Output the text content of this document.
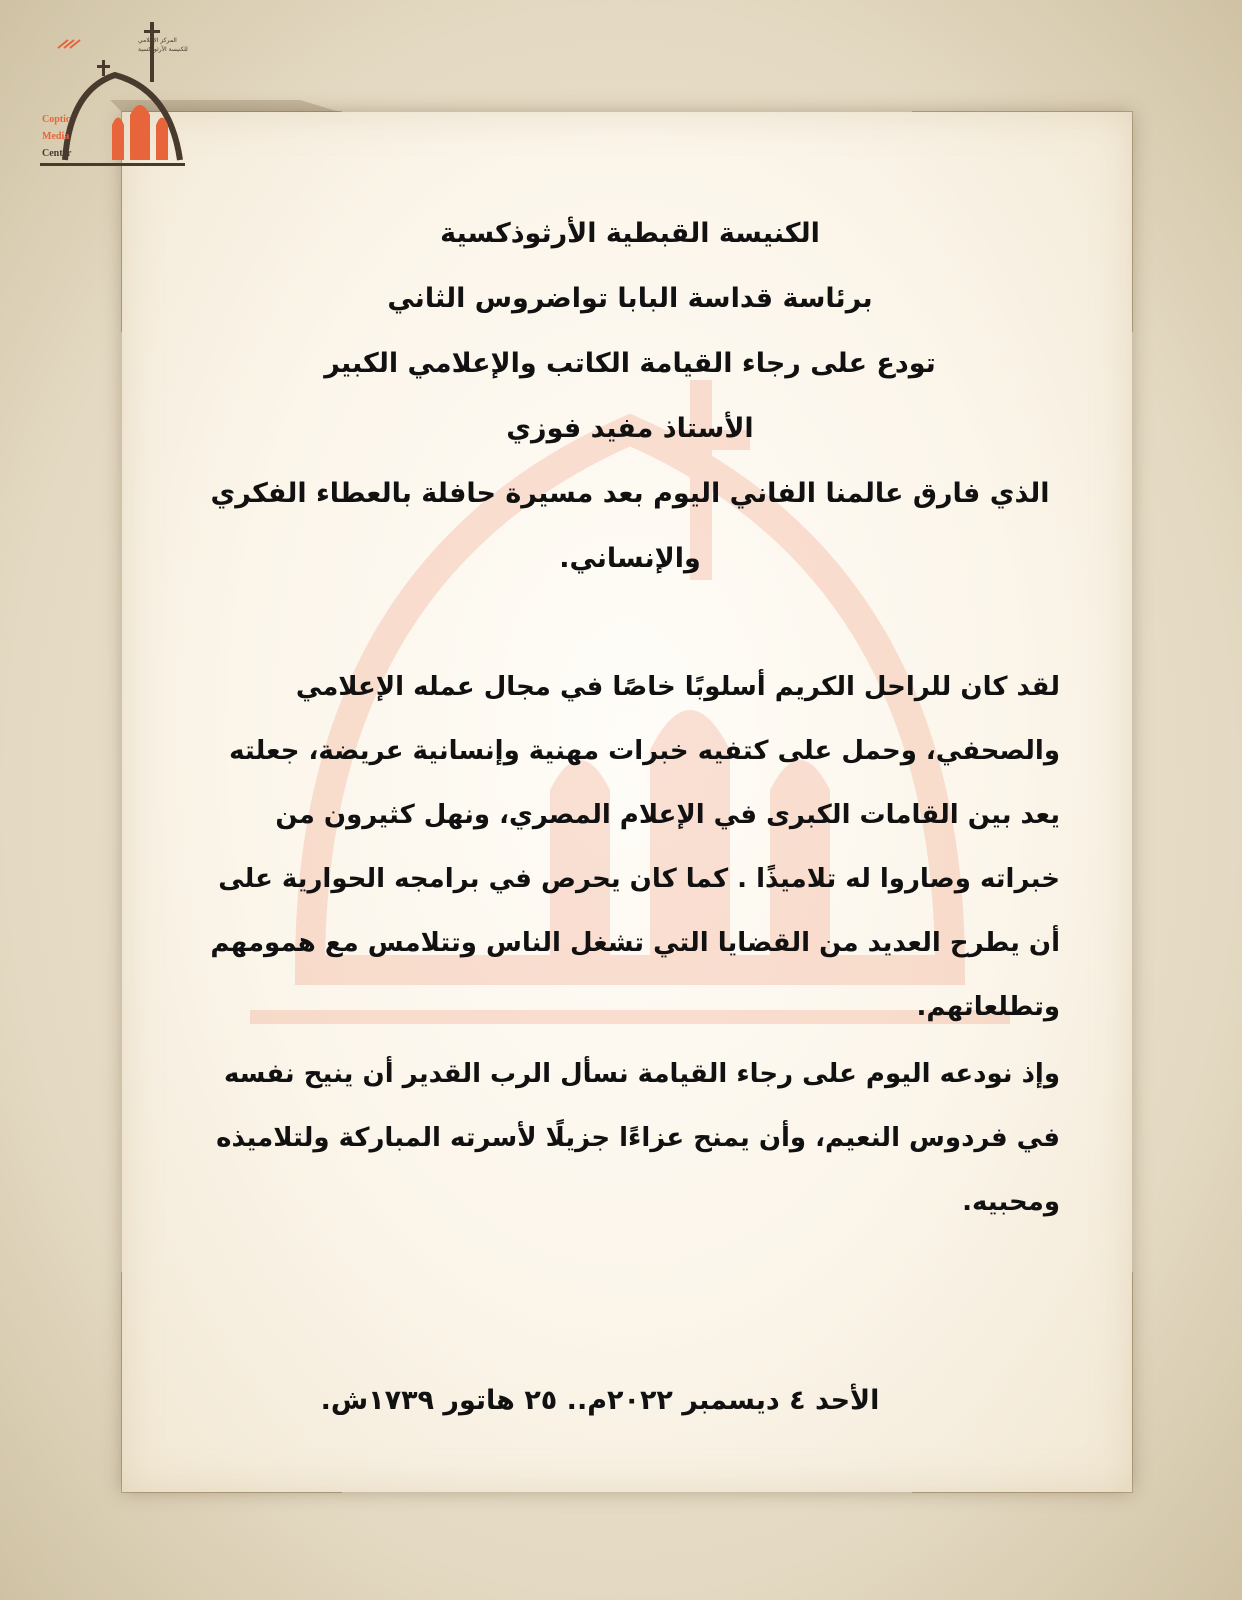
Coptic
Media
Center
المركز الإعلامي
للكنيسة الأرثوذكسية
الكنيسة القبطية الأرثوذكسية
برئاسة قداسة البابا تواضروس الثاني
تودع على رجاء القيامة الكاتب والإعلامي الكبير
الأستاذ مفيد فوزي
الذي فارق عالمنا الفاني اليوم بعد مسيرة حافلة بالعطاء الفكري
والإنساني.
لقد كان للراحل الكريم أسلوبًا خاصًا في مجال عمله الإعلامي والصحفي، وحمل على كتفيه خبرات مهنية وإنسانية عريضة، جعلته يعد بين القامات الكبرى في الإعلام المصري، ونهل كثيرون من خبراته وصاروا له تلاميذًا . كما كان يحرص في برامجه الحوارية على أن يطرح العديد من القضايا التي تشغل الناس وتتلامس مع همومهم وتطلعاتهم.
وإذ نودعه اليوم على رجاء القيامة نسأل الرب القدير أن ينيح نفسه في فردوس النعيم، وأن يمنح عزاءًا جزيلًا لأسرته المباركة ولتلاميذه ومحبيه.
الأحد ٤ ديسمبر ٢٠٢٢م.. ٢٥ هاتور ١٧٣٩ش.
